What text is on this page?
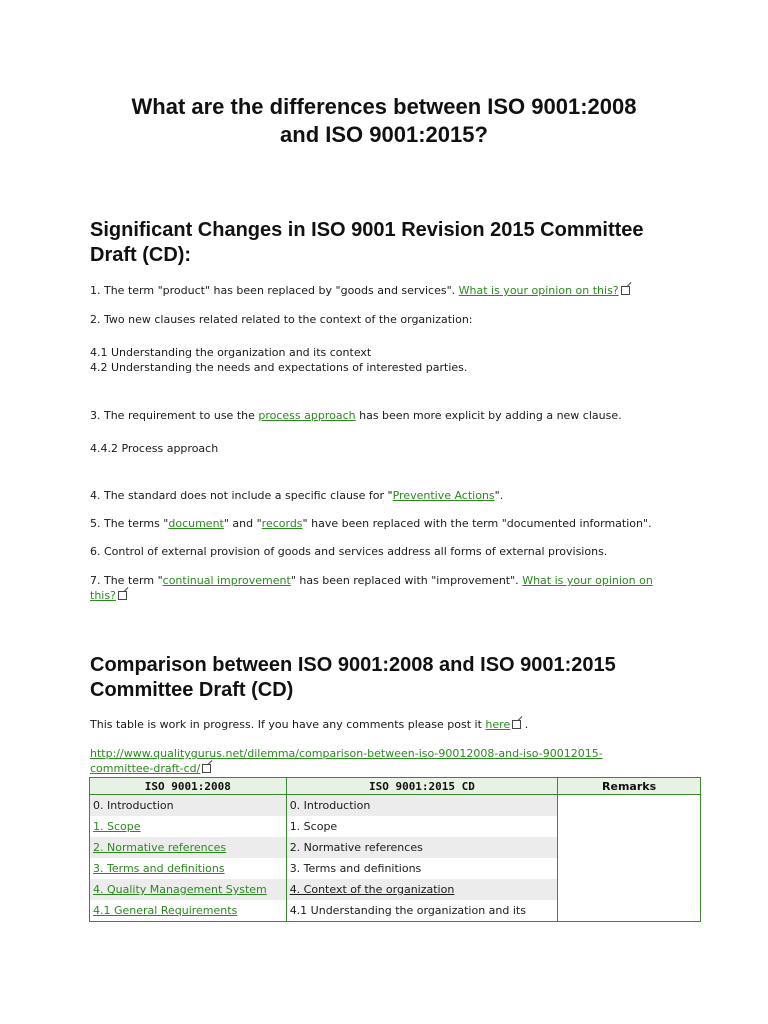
What are the differences between ISO 9001:2008
and ISO 9001:2015?
Significant Changes in ISO 9001 Revision 2015 Committee
Draft (CD):
1. The term "product" has been replaced by "goods and services". What is your opinion on this?
2. Two new clauses related related to the context of the organization:
4.1 Understanding the organization and its context
4.2 Understanding the needs and expectations of interested parties.
3. The requirement to use the process approach has been more explicit by adding a new clause.
4.4.2 Process approach
4. The standard does not include a specific clause for "Preventive Actions".
5. The terms "document" and "records" have been replaced with the term "documented information".
6. Control of external provision of goods and services address all forms of external provisions.
7. The term "continual improvement" has been replaced with "improvement". What is your opinion on
this?
Comparison between ISO 9001:2008 and ISO 9001:2015
Committee Draft (CD)
This table is work in progress. If you have any comments please post it here .
http://www.qualitygurus.net/dilemma/comparison-between-iso-90012008-and-iso-90012015-
committee-draft-cd/
ISO 9001:2008	ISO 9001:2015 CD	Remarks
0. Introduction	0. Introduction	
1. Scope	1. Scope	
2. Normative references	2. Normative references	
3. Terms and definitions	3. Terms and definitions	
4. Quality Management System	4. Context of the organization	
4.1 General Requirements	4.1 Understanding the organization and its	
